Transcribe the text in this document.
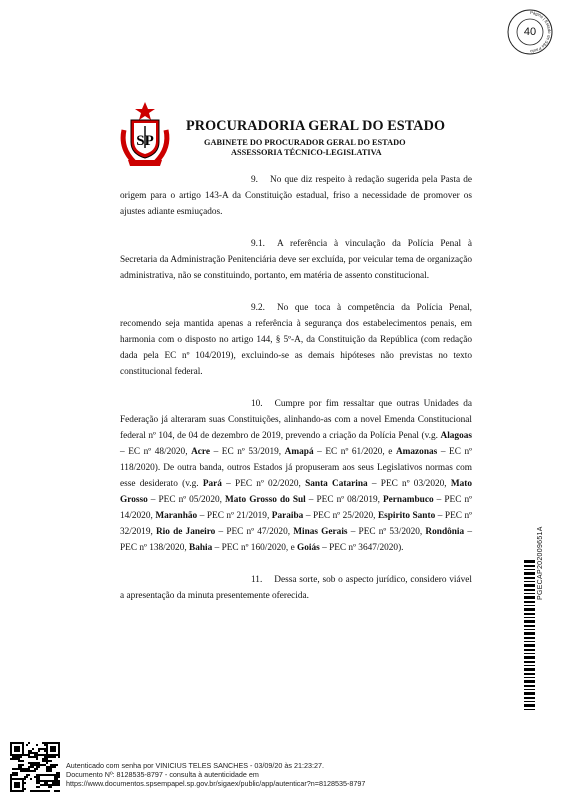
Página | Estado de São Paulo
40
SP
PROCURADORIA GERAL DO ESTADO
GABINETE DO PROCURADOR GERAL DO ESTADO
ASSESSORIA TÉCNICO-LEGISLATIVA

9. No que diz respeito à redação sugerida pela Pasta de origem para o artigo 143-A da Constituição estadual, friso a necessidade de promover os ajustes adiante esmiuçados.

9.1. A referência à vinculação da Polícia Penal à Secretaria da Administração Penitenciária deve ser excluída, por veicular tema de organização administrativa, não se constituindo, portanto, em matéria de assento constitucional.

9.2. No que toca à competência da Polícia Penal, recomendo seja mantida apenas a referência à segurança dos estabelecimentos penais, em harmonia com o disposto no artigo 144, § 5º-A, da Constituição da República (com redação dada pela EC nº 104/2019), excluindo-se as demais hipóteses não previstas no texto constitucional federal.

10. Cumpre por fim ressaltar que outras Unidades da Federação já alteraram suas Constituições, alinhando-as com a novel Emenda Constitucional federal nº 104, de 04 de dezembro de 2019, prevendo a criação da Polícia Penal (v.g. Alagoas – EC nº 48/2020, Acre – EC nº 53/2019, Amapá – EC nº 61/2020, e Amazonas – EC nº 118/2020). De outra banda, outros Estados já propuseram aos seus Legislativos normas com esse desiderato (v.g. Pará – PEC nº 02/2020, Santa Catarina – PEC nº 03/2020, Mato Grosso – PEC nº 05/2020, Mato Grosso do Sul – PEC nº 08/2019, Pernambuco – PEC nº 14/2020, Maranhão – PEC nº 21/2019, Paraiba – PEC nº 25/2020, Espirito Santo – PEC nº 32/2019, Rio de Janeiro – PEC nº 47/2020, Minas Gerais – PEC nº 53/2020, Rondônia – PEC nº 138/2020, Bahia – PEC nº 160/2020, e Goiás – PEC nº 3647/2020).

11. Dessa sorte, sob o aspecto jurídico, considero viável a apresentação da minuta presentemente oferecida.	PGECAP202009651A
Autenticado com senha por VINICIUS TELES SANCHES - 03/09/20 às 21:23:27.
Documento Nº: 8128535-8797 - consulta à autenticidade em
https://www.documentos.spsempapel.sp.gov.br/sigaex/public/app/autenticar?n=8128535-8797
